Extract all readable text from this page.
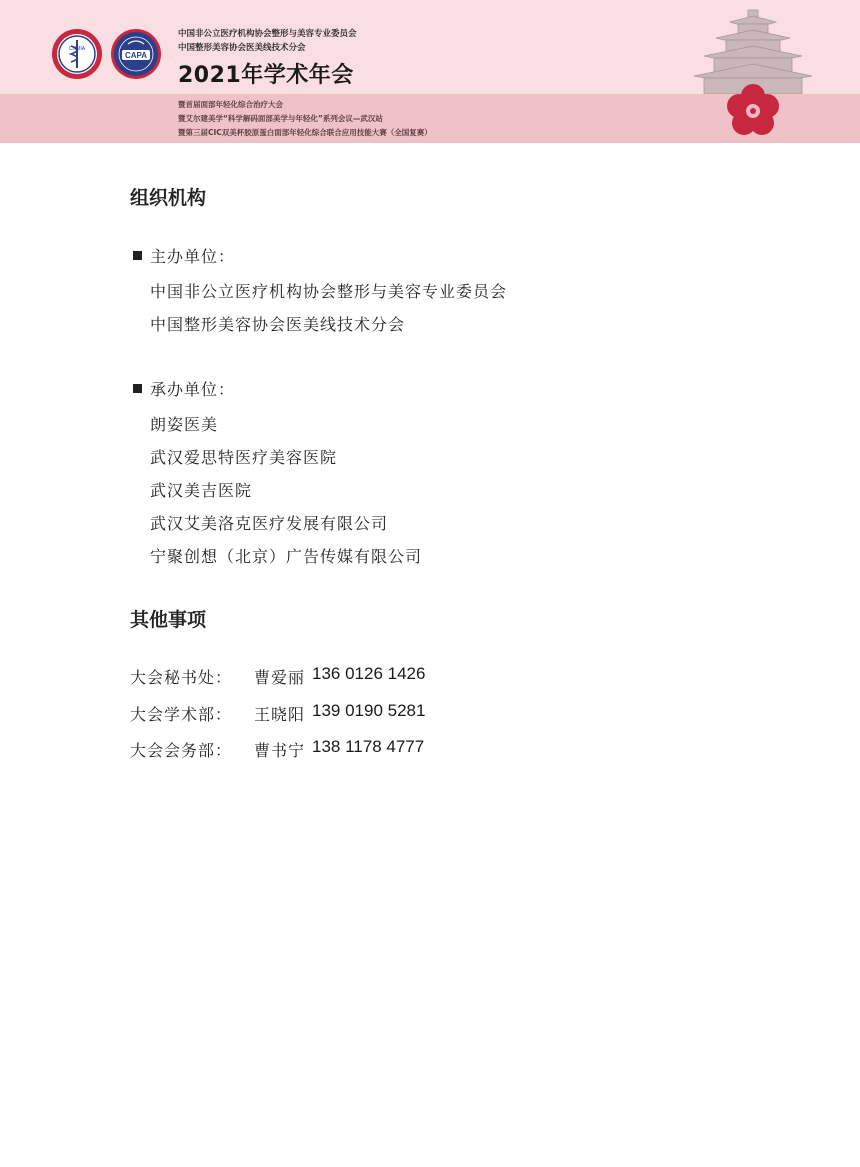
CNMIA
CAPA
中国非公立医疗机构协会整形与美容专业委员会
中国整形美容协会医美线技术分会
2021年学术年会
暨首届面部年轻化综合治疗大会
暨艾尔建美学“科学解码面部美学与年轻化”系列会议—武汉站
暨第三届CIC双美杯胶原蛋白面部年轻化综合联合应用技能大赛（全国复赛）
组织机构
主办单位：
中国非公立医疗机构协会整形与美容专业委员会
中国整形美容协会医美线技术分会
承办单位：
朗姿医美
武汉爱思特医疗美容医院
武汉美吉医院
武汉艾美洛克医疗发展有限公司
宁聚创想（北京）广告传媒有限公司
其他事项
大会秘书处： 曹爱丽 136 0126 1426
大会学术部： 王晓阳 139 0190 5281
大会会务部： 曹书宁 138 1178 4777
